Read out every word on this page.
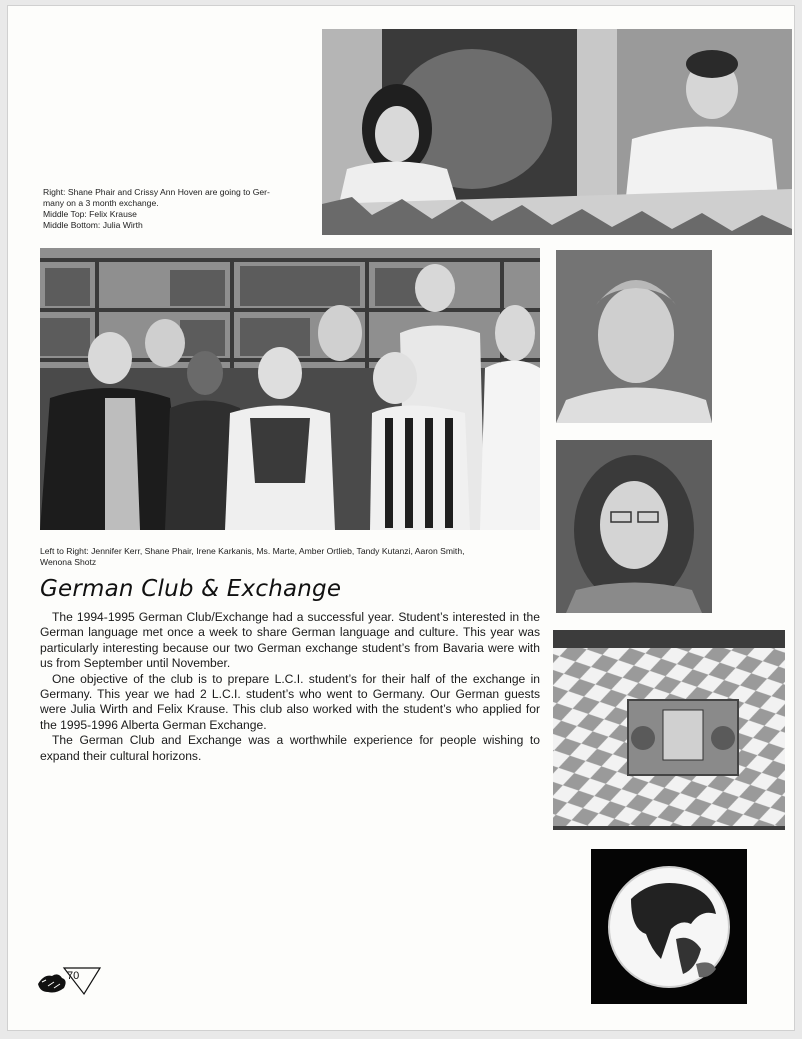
Right: Shane Phair and Crissy Ann Hoven are going to Ger-
many on a 3 month exchange.
Middle Top: Felix Krause
Middle Bottom: Julia Wirth
Left to Right: Jennifer Kerr, Shane Phair, Irene Karkanis, Ms. Marte, Amber Ortlieb, Tandy Kutanzi, Aaron Smith,
Wenona Shotz
German Club & Exchange

The 1994-1995 German Club/Exchange had a successful year. Student’s interested in the German language met once a week to share German language and culture. This year was particularly interesting because our two German exchange student’s from Bavaria were with us from September until November.

One objective of the club is to prepare L.C.I. student’s for their half of the exchange in Germany. This year we had 2 L.C.I. student’s who went to Germany. Our German guests were Julia Wirth and Felix Krause. This club also worked with the student’s who applied for the 1995-1996 Alberta German Exchange.

The German Club and Exchange was a worthwhile experience for people wishing to expand their cultural horizons.

70
